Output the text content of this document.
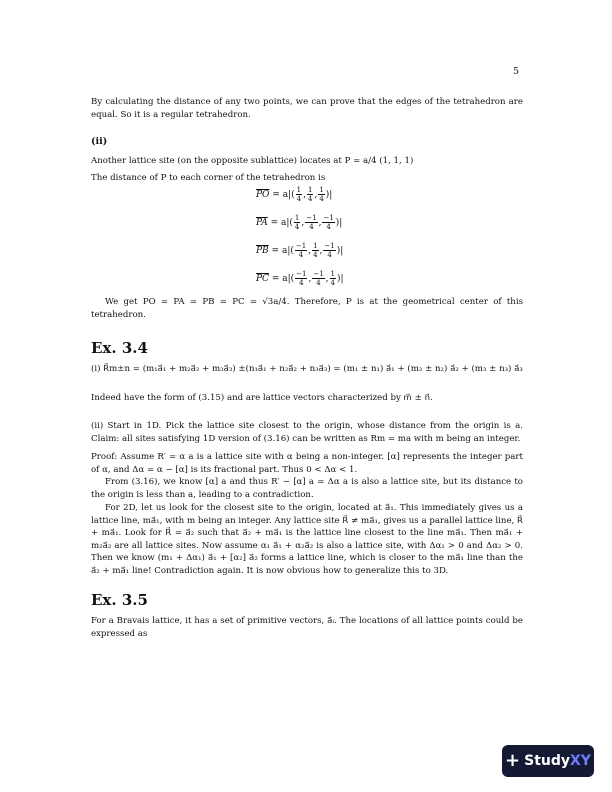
5
By calculating the distance of any two points, we can prove that the edges of the tetrahedron are equal. So it is a regular tetrahedron.
(ii)
Another lattice site (on the opposite sublattice) locates at P = a/4 (1, 1, 1)
The distance of P to each corner of the tetrahedron is
$\overline{PO} = a|( \frac{1}{4}$ , $\frac{1}{4}$ , $\frac{1}{4}$ )|
$\overline{PA} = a|( \frac{1}{4}$ , $\frac{-1}{4}$ , $\frac{-1}{4}$ )|
$\overline{PB} = a|( \frac{-1}{4}$ , $\frac{1}{4}$ , $\frac{-1}{4}$ )|
$\overline{PC} = a|( \frac{-1}{4}$ , $\frac{-1}{4}$ , $\frac{1}{4}$ )|
We get PO = PA = PB = PC = √3a/4. Therefore, P is at the geometrical center of this tetrahedron.
Ex. 3.4
(i) R⃗m±n = (m₁a⃗₁ + m₂a⃗₂ + m₃a⃗₃) ±(n₁a⃗₁ + n₂a⃗₂ + n₃a⃗₃) = (m₁ ± n₁) a⃗₁ + (m₂ ± n₂) a⃗₂ + (m₃ ± n₃) a⃗₃
Indeed have the form of (3.15) and are lattice vectors characterized by m⃗ ± n⃗.
(ii) Start in 1D. Pick the lattice site closest to the origin, whose distance from the origin is a. Claim: all sites satisfying 1D version of (3.16) can be written as Rm = ma with m being an integer.
Proof: Assume R′ = α a is a lattice site with α being a non-integer. [α] represents the integer part of α, and Δα = α − [α] is its fractional part. Thus 0 < Δα < 1.
From (3.16), we know [α] a and thus R′ − [α] a = Δα a is also a lattice site, but its distance to the origin is less than a, leading to a contradiction.
For 2D, let us look for the closest site to the origin, located at a⃗₁. This immediately gives us a lattice line, ma⃗₁, with m being an integer. Any lattice site R⃗ ≠ ma⃗₁, gives us a parallel lattice line, R⃗ + ma⃗₁. Look for R⃗ = a⃗₂ such that a⃗₂ + ma⃗₁ is the lattice line closest to the line ma⃗₁. Then ma⃗₁ + m₂a⃗₂ are all lattice sites. Now assume α₁ a⃗₁ + α₂a⃗₂ is also a lattice site, with Δα₁ > 0 and Δα₂ > 0. Then we know (m₁ + Δα₁) a⃗₁ + [α₂] a⃗₂ forms a lattice line, which is closer to the ma⃗₁ line than the a⃗₂ + ma⃗₁ line! Contradiction again. It is now obvious how to generalize this to 3D.
Ex. 3.5
For a Bravais lattice, it has a set of primitive vectors, a⃗ᵢ. The locations of all lattice points could be expressed as
+ StudyXY
